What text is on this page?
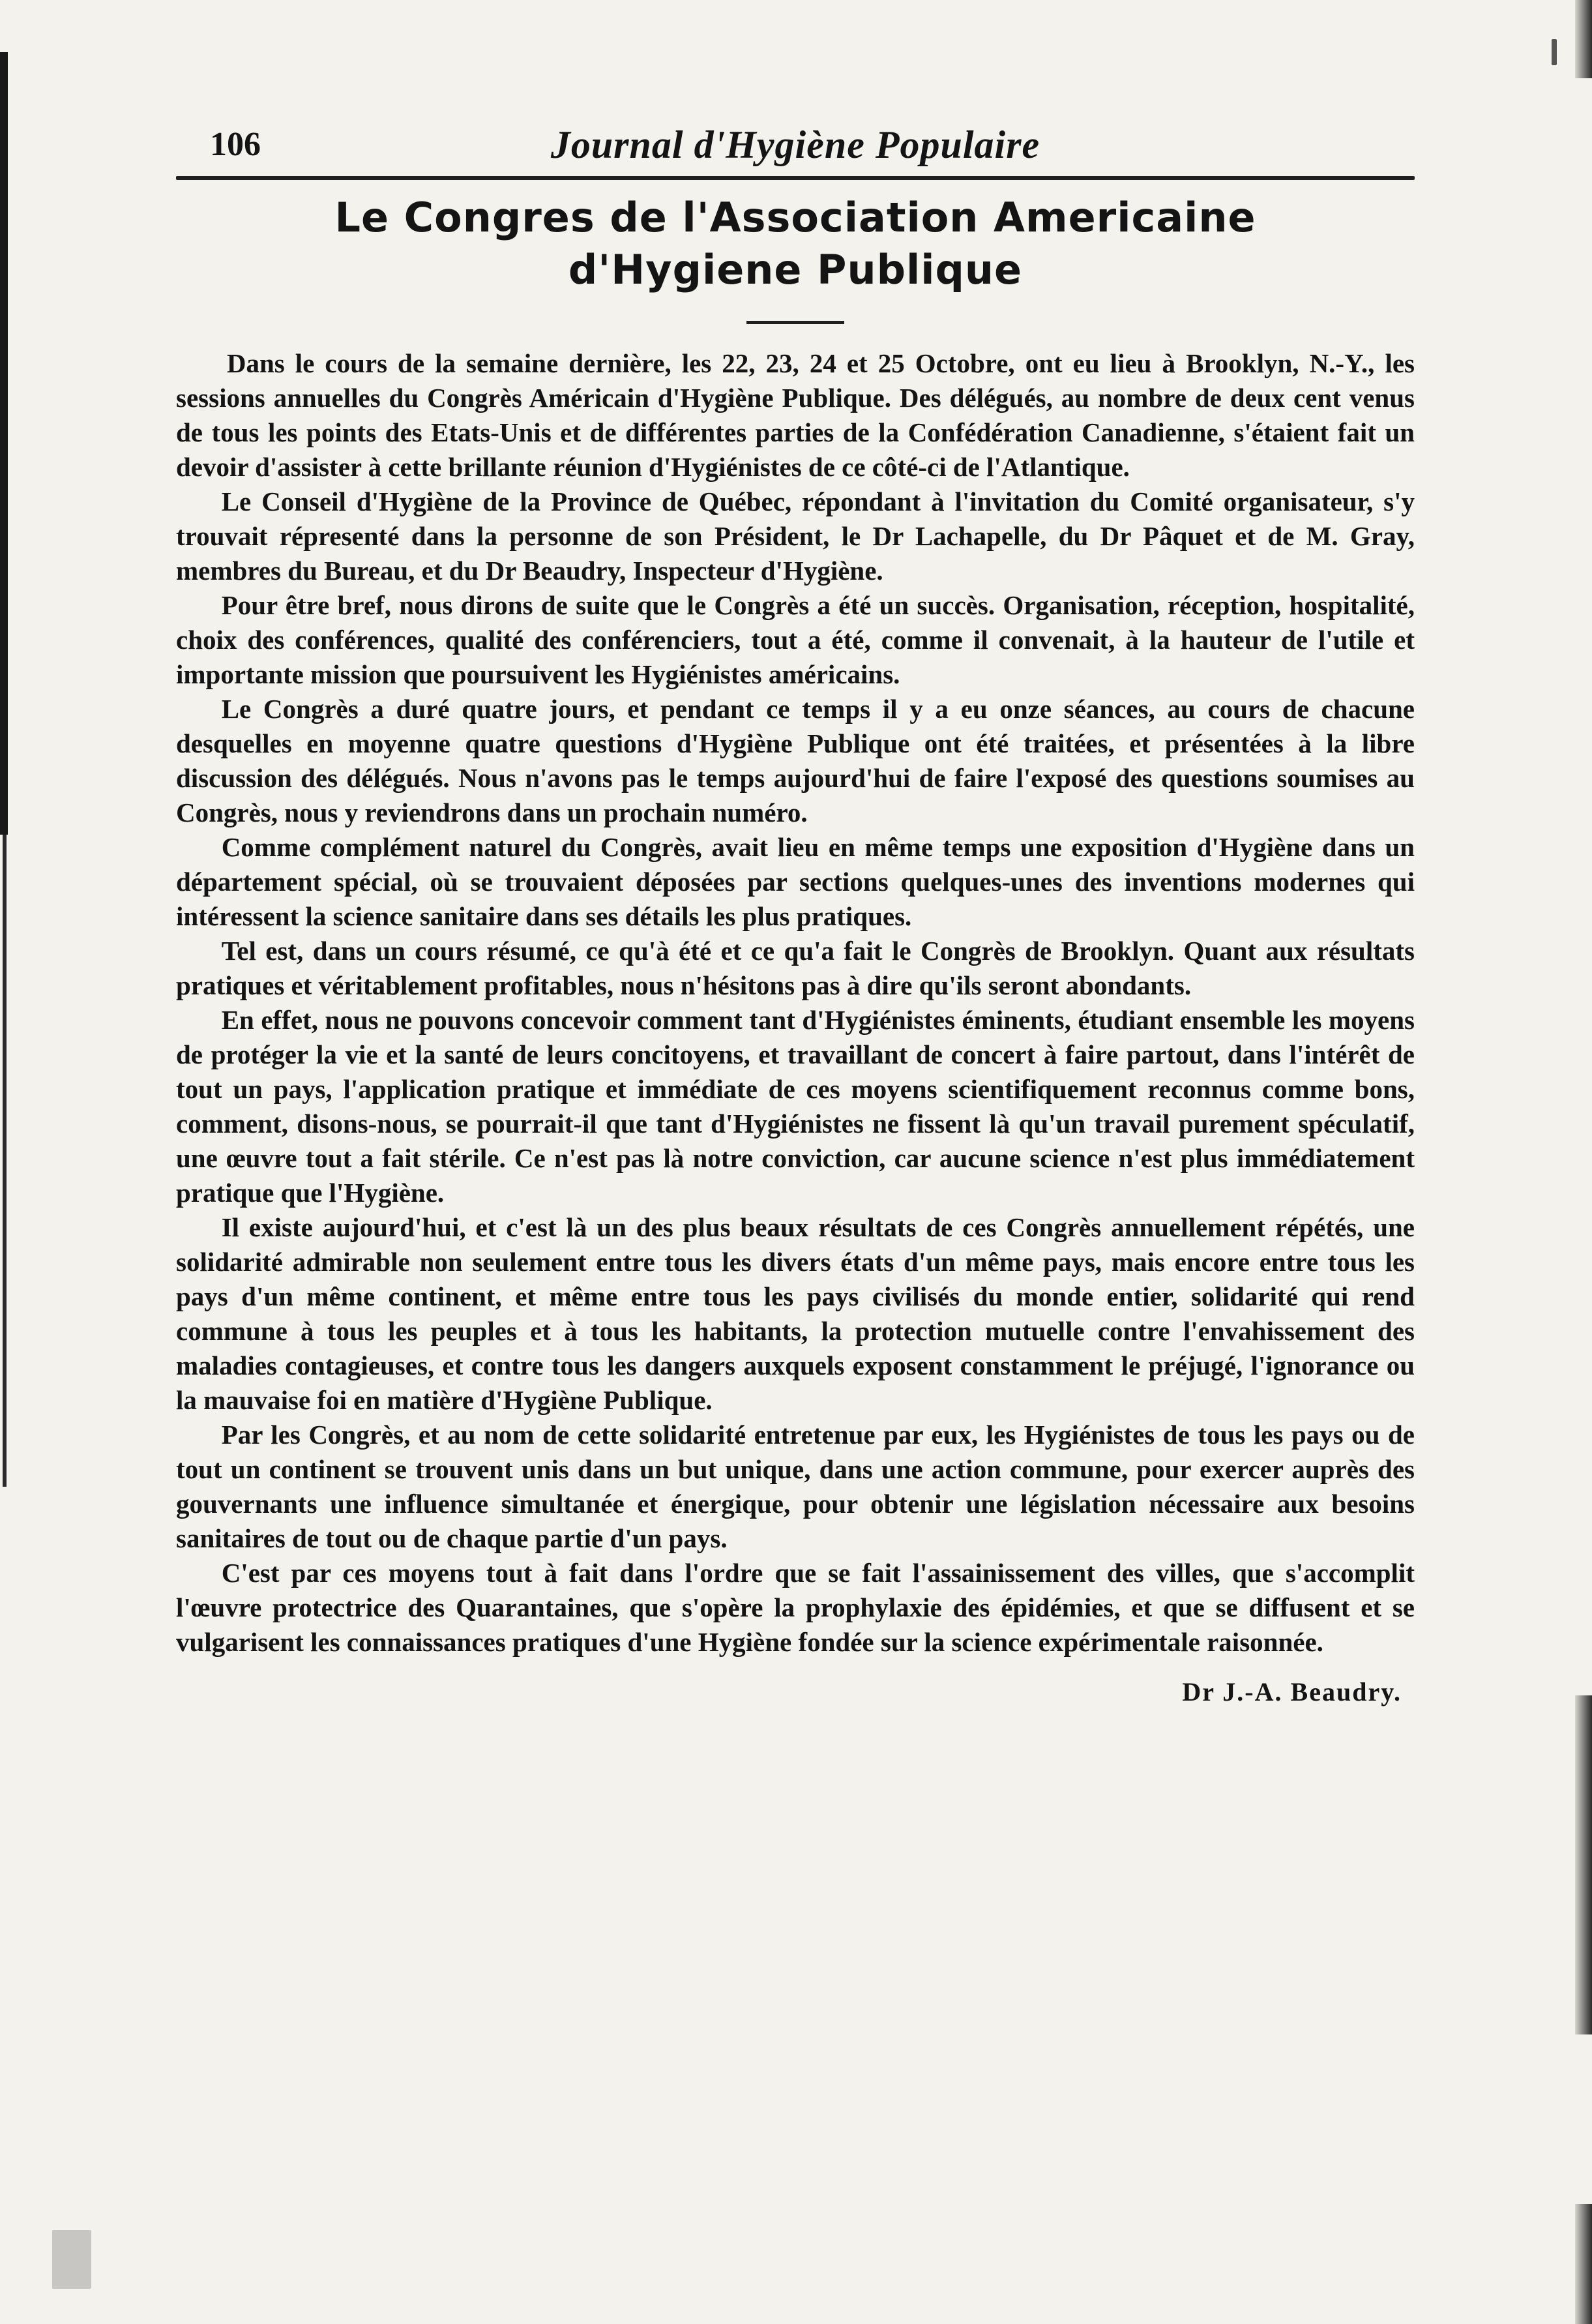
106	Journal d'Hygiène Populaire
Le Congres de l'Association Americaine
d'Hygiene Publique

Dans le cours de la semaine dernière, les 22, 23, 24 et 25 Octobre, ont eu lieu à Brooklyn, N.-Y., les sessions annuelles du Congrès Américain d'Hygiène Publique. Des délégués, au nombre de deux cent venus de tous les points des Etats-Unis et de différentes parties de la Confédération Canadienne, s'étaient fait un devoir d'assister à cette brillante réunion d'Hygiénistes de ce côté-ci de l'Atlantique.

Le Conseil d'Hygiène de la Province de Québec, répondant à l'invitation du Comité organisateur, s'y trouvait répresenté dans la personne de son Président, le Dr Lachapelle, du Dr Pâquet et de M. Gray, membres du Bureau, et du Dr Beaudry, Inspecteur d'Hygiène.

Pour être bref, nous dirons de suite que le Congrès a été un succès. Organisation, réception, hospitalité, choix des conférences, qualité des conférenciers, tout a été, comme il convenait, à la hauteur de l'utile et importante mission que poursuivent les Hygiénistes américains.

Le Congrès a duré quatre jours, et pendant ce temps il y a eu onze séances, au cours de chacune desquelles en moyenne quatre questions d'Hygiène Publique ont été traitées, et présentées à la libre discussion des délégués. Nous n'avons pas le temps aujourd'hui de faire l'exposé des questions soumises au Congrès, nous y reviendrons dans un prochain numéro.

Comme complément naturel du Congrès, avait lieu en même temps une exposition d'Hygiène dans un département spécial, où se trouvaient déposées par sections quelques-unes des inventions modernes qui intéressent la science sanitaire dans ses détails les plus pratiques.

Tel est, dans un cours résumé, ce qu'à été et ce qu'a fait le Congrès de Brooklyn. Quant aux résultats pratiques et véritablement profitables, nous n'hésitons pas à dire qu'ils seront abondants.

En effet, nous ne pouvons concevoir comment tant d'Hygiénistes éminents, étudiant ensemble les moyens de protéger la vie et la santé de leurs concitoyens, et travaillant de concert à faire partout, dans l'intérêt de tout un pays, l'application pratique et immédiate de ces moyens scientifiquement reconnus comme bons, comment, disons-nous, se pourrait-il que tant d'Hygiénistes ne fissent là qu'un travail purement spéculatif, une œuvre tout a fait stérile. Ce n'est pas là notre conviction, car aucune science n'est plus immédiatement pratique que l'Hygiène.

Il existe aujourd'hui, et c'est là un des plus beaux résultats de ces Congrès annuellement répétés, une solidarité admirable non seulement entre tous les divers états d'un même pays, mais encore entre tous les pays d'un même continent, et même entre tous les pays civilisés du monde entier, solidarité qui rend commune à tous les peuples et à tous les habitants, la protection mutuelle contre l'envahissement des maladies contagieuses, et contre tous les dangers auxquels exposent constamment le préjugé, l'ignorance ou la mauvaise foi en matière d'Hygiène Publique.

Par les Congrès, et au nom de cette solidarité entretenue par eux, les Hygiénistes de tous les pays ou de tout un continent se trouvent unis dans un but unique, dans une action commune, pour exercer auprès des gouvernants une influence simultanée et énergique, pour obtenir une législation nécessaire aux besoins sanitaires de tout ou de chaque partie d'un pays.

C'est par ces moyens tout à fait dans l'ordre que se fait l'assainissement des villes, que s'accomplit l'œuvre protectrice des Quarantaines, que s'opère la prophylaxie des épidémies, et que se diffusent et se vulgarisent les connaissances pratiques d'une Hygiène fondée sur la science expérimentale raisonnée.

Dr J.-A. Beaudry.
